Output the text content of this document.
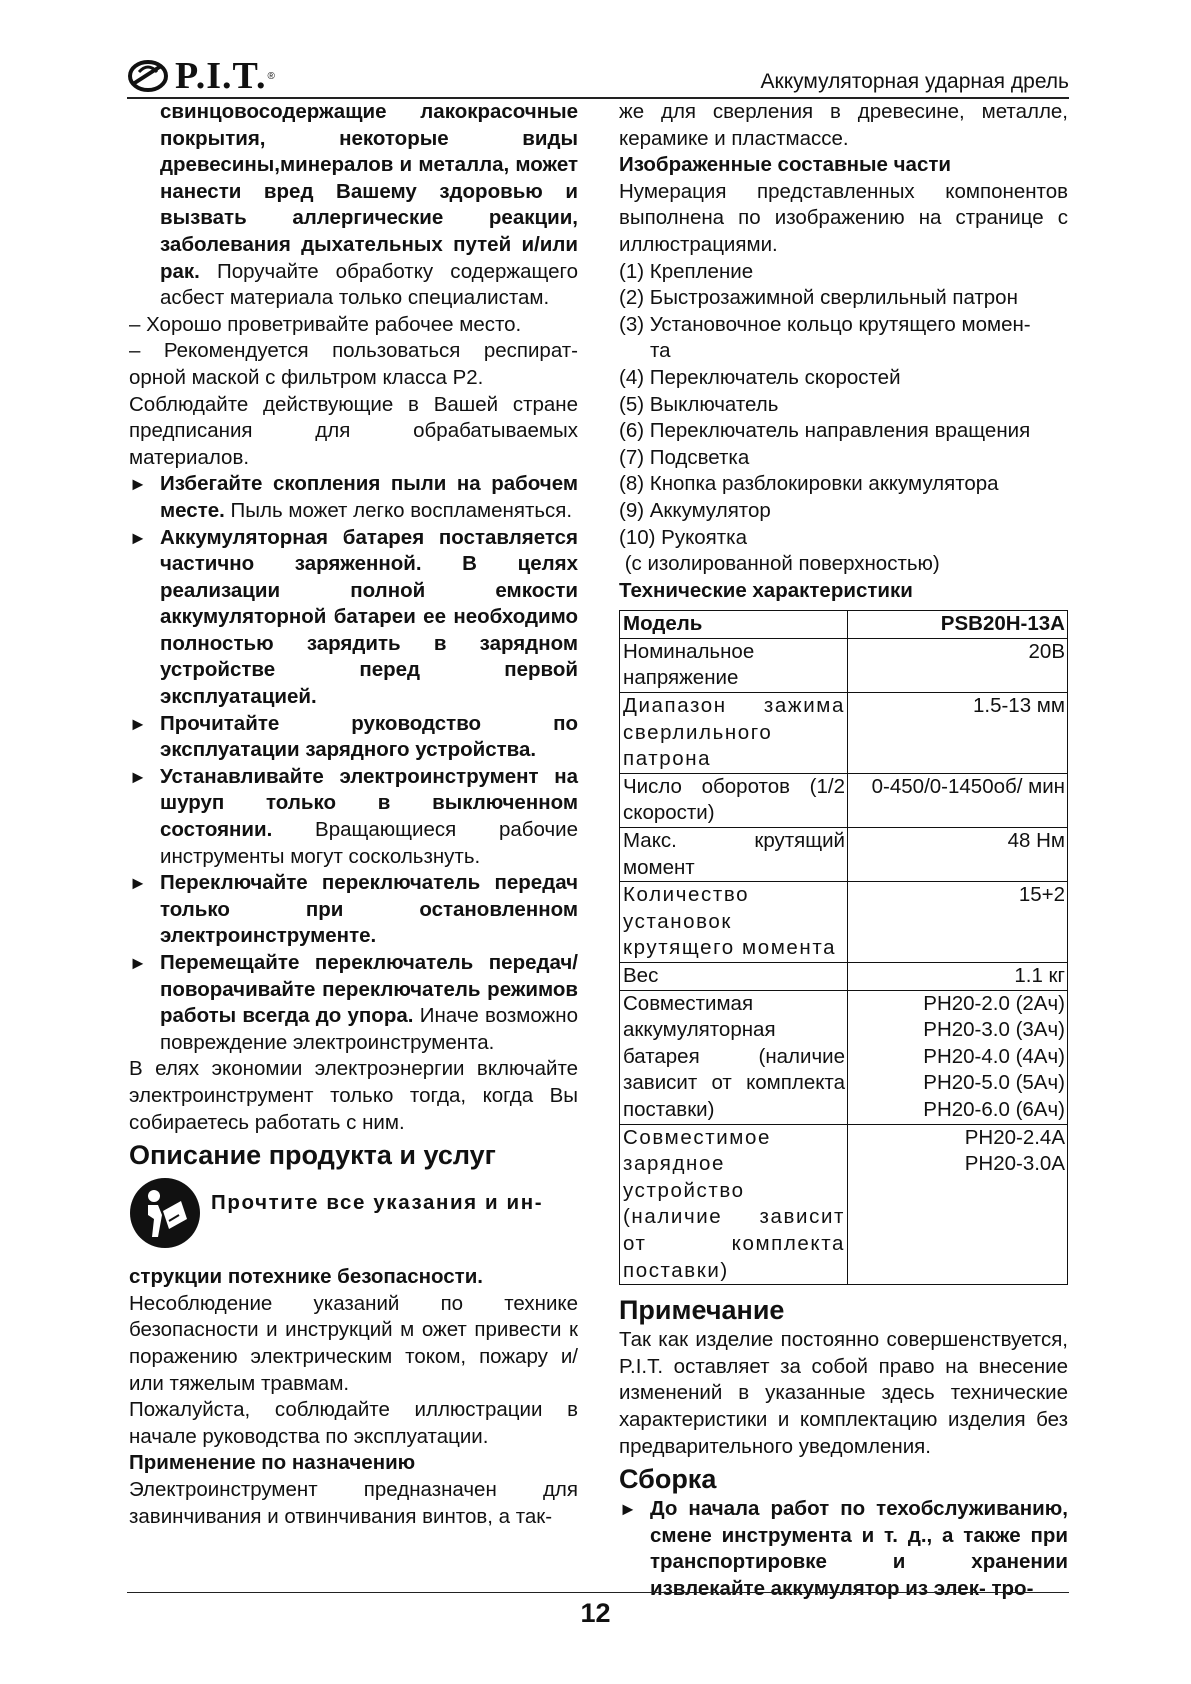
P.I.T. ®	Аккумуляторная ударная дрель

свинцовосодержащие лакокрасочные покрытия, некоторые виды древесины,минералов и металла, может нанести вред Вашему здоровью и вызвать аллергические реакции, заболевания дыхательных путей и/или рак. Поручайте обработку содержащего асбест материала только специалистам.

– Хорошо проветривайте рабочее место.

– Рекомендуется пользоваться респират-орной маской с фильтром класса P2.

Соблюдайте действующие в Вашей стране предписания для обрабатываемых материалов.

► Избегайте скопления пыли на рабочем месте. Пыль может легко воспламеняться.

► Аккумуляторная батарея поставляется частично заряженной. В целях реализации полной емкости аккумуляторной батареи ее необходимо полностью зарядить в зарядном устройстве перед первой эксплуатацией.

► Прочитайте руководство по эксплуатации зарядного устройства.

► Устанавливайте электроинструмент на шуруп только в выключенном состоянии. Вращающиеся рабочие инструменты могут соскользнуть.

► Переключайте переключатель передач только при остановленном электроинструменте.

► Перемещайте переключатель передач/поворачивайте переключатель режимов работы всегда до упора. Иначе возможно повреждение электроинструмента.

В елях экономии электроэнергии включайте электроинструмент только тогда, когда Вы собираетесь работать с ним.

Описание продукта и услуг
Прочтите все указания и ин-

струкции потехнике безопасности.

Несоблюдение указаний по технике безопасности и инструкций м ожет привести к поражению электрическим током, пожару и/или тяжелым травмам.

Пожалуйста, соблюдайте иллюстрации в начале руководства по эксплуатации.

Применение по назначению

Электроинструмент предназначен для завинчивания и отвинчивания винтов, а так-

же для сверления в древесине, металле, керамике и пластмассе.

Изображенные составные части

Нумерация представленных компонентов выполнена по изображению на странице с иллюстрациями.

(1) Крепление

(2) Быстрозажимной сверлильный патрон

(3) Установочное кольцо крутящего момен-

та

(4) Переключатель скоростей

(5) Выключатель

(6) Переключатель направления вращения

(7) Подсветка

(8) Кнопка разблокировки аккумулятора

(9) Аккумулятор

(10) Рукоятка

(с изолированной поверхностью)

Технические характеристики

Модель	PSB20H-13A
Номинальное напряжение	20В
Диапазон зажима сверлильного патрона	1.5-13 мм
Число оборотов (1/2 скорости)	0-450/0-1450об/ мин
Макс. крутящий момент	48 Нм
Количество установок крутящего момента	15+2
Вес	1.1 кг
Совместимая аккумуляторная батарея (наличие зависит от комплекта поставки)	PH20-2.0 (2Ач)
PH20-3.0 (3Ач)
PH20-4.0 (4Ач)
PH20-5.0 (5Ач)
PH20-6.0 (6Ач)

Совместимое зарядное устройство (наличие зависит от комплекта поставки)	PH20-2.4A
PH20-3.0A
Примечание

Так как изделие постоянно совершенствуется, P.I.T. оставляет за собой право на внесение изменений в указанные здесь технические характеристики и комплектацию изделия без предварительного уведомления.

Сборка

► До начала работ по техобслуживанию, смене инструмента и т. д., а также при транспортировке и хранении извлекайте аккумулятор из элек- тро-

12
